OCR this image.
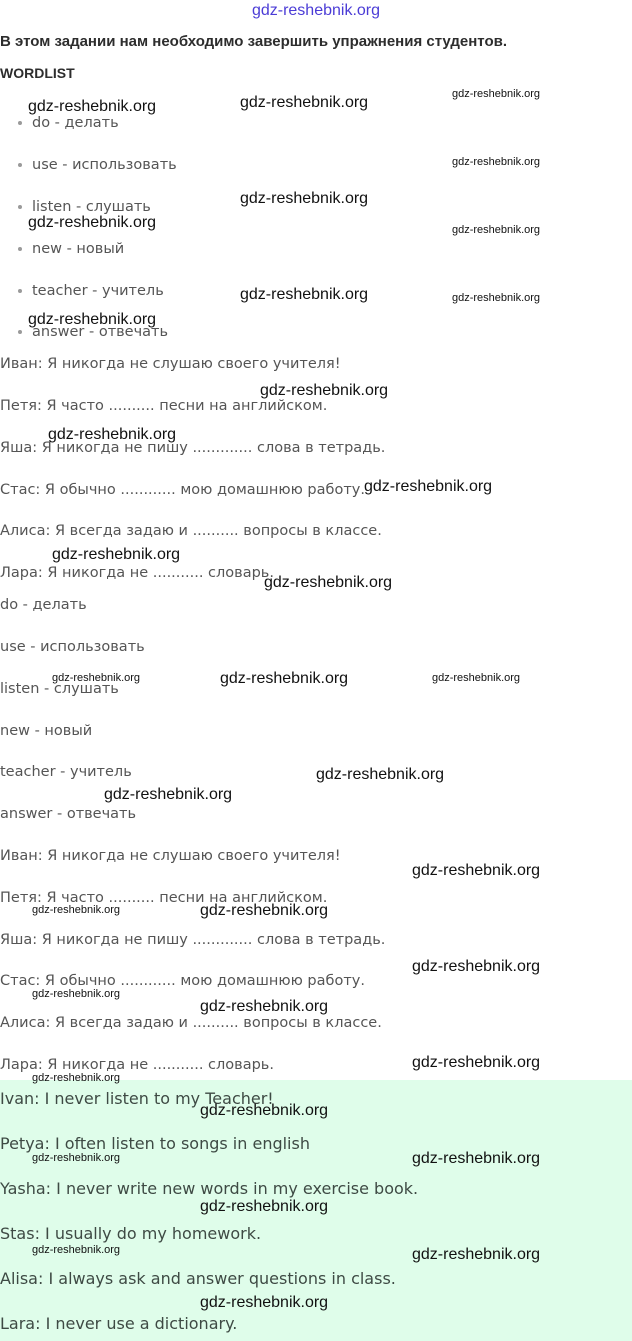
gdz-reshebnik.org
В этом задании нам необходимо завершить упражнения студентов.
WORDLIST
do - делать
use - использовать
listen - слушать
new - новый
teacher - учитель
answer - отвечать
Иван: Я никогда не слушаю своего учителя!
Петя: Я часто .......... песни на английском.
Яша: Я никогда не пишу ............. слова в тетрадь.
Стас: Я обычно ............ мою домашнюю работу.
Алиса: Я всегда задаю и .......... вопросы в классе.
Лара: Я никогда не ........... словарь.
do - делать
use - использовать
listen - слушать
new - новый
teacher - учитель
answer - отвечать
Иван: Я никогда не слушаю своего учителя!
Петя: Я часто .......... песни на английском.
Яша: Я никогда не пишу ............. слова в тетрадь.
Стас: Я обычно ............ мою домашнюю работу.
Алиса: Я всегда задаю и .......... вопросы в классе.
Лара: Я никогда не ........... словарь.
Ivan: I never listen to my Teacher!
Petya: I often listen to songs in english
Yasha: I never write new words in my exercise book.
Stas: I usually do my homework.
Alisa: I always ask and answer questions in class.
Lara: I never use a dictionary.
gdz-reshebnik.org	gdz-reshebnik.org	gdz-reshebnik.org
gdz-reshebnik.org
gdz-reshebnik.org
gdz-reshebnik.org	gdz-reshebnik.org
gdz-reshebnik.org	gdz-reshebnik.org
gdz-reshebnik.org
gdz-reshebnik.org
gdz-reshebnik.org
gdz-reshebnik.org
gdz-reshebnik.org
gdz-reshebnik.org
gdz-reshebnik.org	gdz-reshebnik.org	gdz-reshebnik.org
gdz-reshebnik.org
gdz-reshebnik.org
gdz-reshebnik.org
gdz-reshebnik.org	gdz-reshebnik.org
gdz-reshebnik.org
gdz-reshebnik.org
gdz-reshebnik.org
gdz-reshebnik.org
gdz-reshebnik.org
gdz-reshebnik.org
gdz-reshebnik.org	gdz-reshebnik.org
gdz-reshebnik.org
gdz-reshebnik.org	gdz-reshebnik.org
gdz-reshebnik.org
